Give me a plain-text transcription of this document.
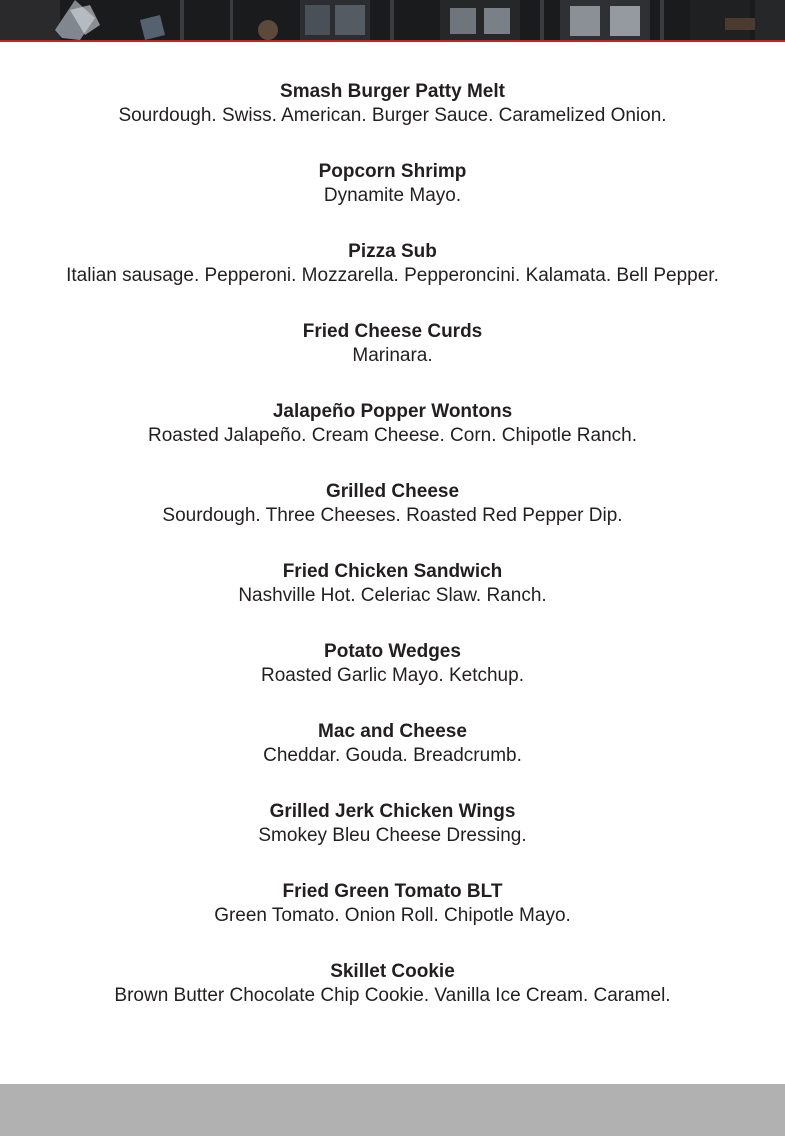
Smash Burger Patty Melt
Sourdough. Swiss. American. Burger Sauce. Caramelized Onion.
Popcorn Shrimp
Dynamite Mayo.
Pizza Sub
Italian sausage. Pepperoni. Mozzarella. Pepperoncini. Kalamata. Bell Pepper.
Fried Cheese Curds
Marinara.
Jalapeño Popper Wontons
Roasted Jalapeño. Cream Cheese. Corn. Chipotle Ranch.
Grilled Cheese
Sourdough. Three Cheeses. Roasted Red Pepper Dip.
Fried Chicken Sandwich
Nashville Hot. Celeriac Slaw. Ranch.
Potato Wedges
Roasted Garlic Mayo. Ketchup.
Mac and Cheese
Cheddar. Gouda. Breadcrumb.
Grilled Jerk Chicken Wings
Smokey Bleu Cheese Dressing.
Fried Green Tomato BLT
Green Tomato. Onion Roll. Chipotle Mayo.
Skillet Cookie
Brown Butter Chocolate Chip Cookie. Vanilla Ice Cream. Caramel.
